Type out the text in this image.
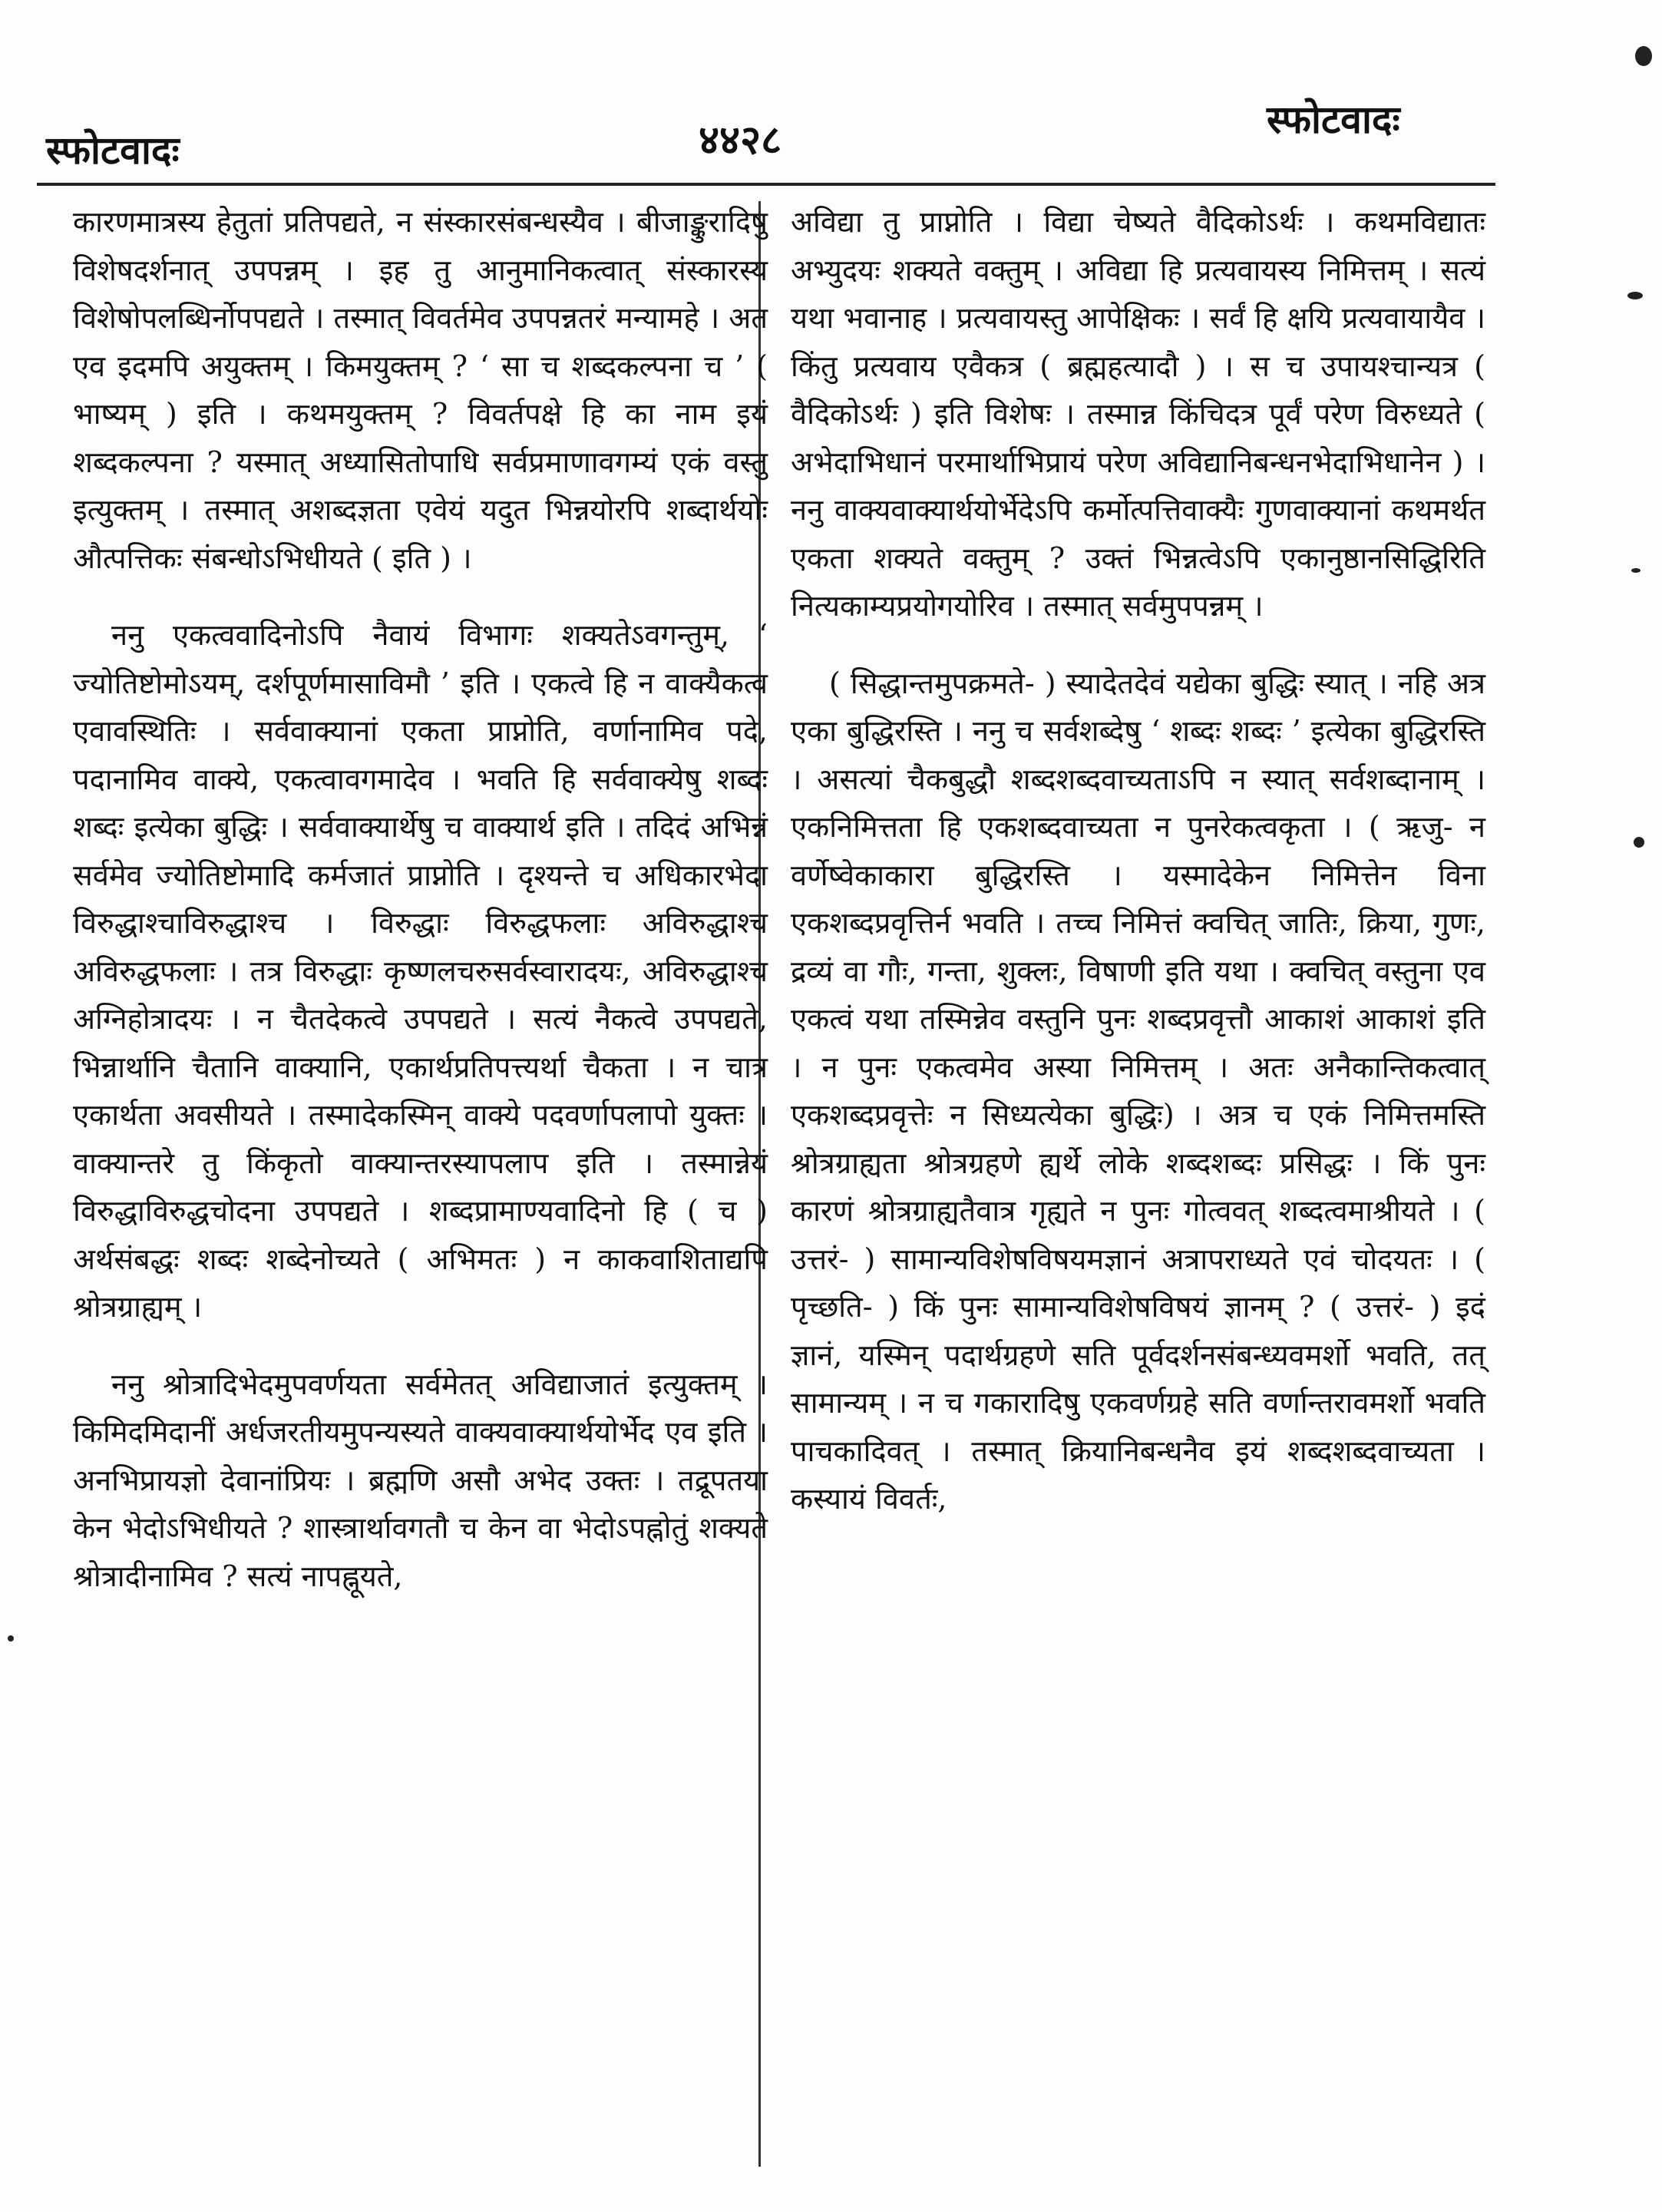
स्फोटवादः	४४२८	स्फोटवादः

कारणमात्रस्य हेतुतां प्रतिपद्यते, न संस्कारसंबन्धस्यैव । बीजाङ्कुरादिषु विशेषदर्शनात् उपपन्नम् । इह तु आनुमानिकत्वात् संस्कारस्य विशेषोपलब्धिर्नोपपद्यते । तस्मात् विवर्तमेव उपपन्नतरं मन्यामहे । अत एव इदमपि अयुक्तम् । किमयुक्तम् ? ‘ सा च शब्दकल्पना च ’ ( भाष्यम् ) इति । कथमयुक्तम् ? विवर्तपक्षे हि का नाम इयं शब्दकल्पना ? यस्मात् अध्यासितोपाधि सर्वप्रमाणावगम्यं एकं वस्तु इत्युक्तम् । तस्मात् अशब्दज्ञता एवेयं यदुत भिन्नयोरपि शब्दार्थयोः औत्पत्तिकः संबन्धोऽभिधीयते ( इति ) ।

ननु एकत्ववादिनोऽपि नैवायं विभागः शक्यतेऽवगन्तुम्, ‘ ज्योतिष्टोमोऽयम्, दर्शपूर्णमासाविमौ ’ इति । एकत्वे हि न वाक्यैकत्व एवावस्थितिः । सर्ववाक्यानां एकता प्राप्नोति, वर्णानामिव पदे, पदानामिव वाक्ये, एकत्वावगमादेव । भवति हि सर्ववाक्येषु शब्दः शब्दः इत्येका बुद्धिः । सर्ववाक्यार्थेषु च वाक्यार्थ इति । तदिदं अभिन्नं सर्वमेव ज्योतिष्टोमादि कर्मजातं प्राप्नोति । दृश्यन्ते च अधिकारभेदा विरुद्धाश्चाविरुद्धाश्च । विरुद्धाः विरुद्धफलाः अविरुद्धाश्च अविरुद्धफलाः । तत्र विरुद्धाः कृष्णलचरुसर्वस्वारादयः, अविरुद्धाश्च अग्निहोत्रादयः । न चैतदेकत्वे उपपद्यते । सत्यं नैकत्वे उपपद्यते, भिन्नार्थानि चैतानि वाक्यानि, एकार्थप्रतिपत्त्यर्था चैकता । न चात्र एकार्थता अवसीयते । तस्मादेकस्मिन् वाक्ये पदवर्णापलापो युक्तः । वाक्यान्तरे तु किंकृतो वाक्यान्तरस्यापलाप इति । तस्मान्नेयं विरुद्धाविरुद्धचोदना उपपद्यते । शब्दप्रामाण्यवादिनो हि ( च ) अर्थसंबद्धः शब्दः शब्देनोच्यते ( अभिमतः ) न काकवाशिताद्यपि श्रोत्रग्राह्यम् ।

ननु श्रोत्रादिभेदमुपवर्णयता सर्वमेतत् अविद्याजातं इत्युक्तम् । किमिदमिदानीं अर्धजरतीयमुपन्यस्यते वाक्यवाक्यार्थयोर्भेद एव इति । अनभिप्रायज्ञो देवानांप्रियः । ब्रह्मणि असौ अभेद उक्तः । तद्रूपतया केन भेदोऽभिधीयते ? शास्त्रार्थावगतौ च केन वा भेदोऽपह्नोतुं शक्यते श्रोत्रादीनामिव ? सत्यं नापह्नूयते,

अविद्या तु प्राप्नोति । विद्या चेष्यते वैदिकोऽर्थः । कथमविद्यातः अभ्युदयः शक्यते वक्तुम् । अविद्या हि प्रत्यवायस्य निमित्तम् । सत्यं यथा भवानाह । प्रत्यवायस्तु आपेक्षिकः । सर्वं हि क्षयि प्रत्यवायायैव । किंतु प्रत्यवाय एवैकत्र ( ब्रह्महत्यादौ ) । स च उपायश्चान्यत्र ( वैदिकोऽर्थः ) इति विशेषः । तस्मान्न किंचिदत्र पूर्वं परेण विरुध्यते ( अभेदाभिधानं परमार्थाभिप्रायं परेण अविद्यानिबन्धनभेदाभिधानेन ) । ननु वाक्यवाक्यार्थयोर्भेदेऽपि कर्मोत्पत्तिवाक्यैः गुणवाक्यानां कथमर्थत एकता शक्यते वक्तुम् ? उक्तं भिन्नत्वेऽपि एकानुष्ठानसिद्धिरिति नित्यकाम्यप्रयोगयोरिव । तस्मात् सर्वमुपपन्नम् ।

( सिद्धान्तमुपक्रमते- ) स्यादेतदेवं यद्येका बुद्धिः स्यात् । नहि अत्र एका बुद्धिरस्ति । ननु च सर्वशब्देषु ‘ शब्दः शब्दः ’ इत्येका बुद्धिरस्ति । असत्यां चैकबुद्धौ शब्दशब्दवाच्यताऽपि न स्यात् सर्वशब्दानाम् । एकनिमित्तता हि एकशब्दवाच्यता न पुनरेकत्वकृता । ( ऋजु- न वर्णेष्वेकाकारा बुद्धिरस्ति । यस्मादेकेन निमित्तेन विना एकशब्दप्रवृत्तिर्न भवति । तच्च निमित्तं क्वचित् जातिः, क्रिया, गुणः, द्रव्यं वा गौः, गन्ता, शुक्लः, विषाणी इति यथा । क्वचित् वस्तुना एव एकत्वं यथा तस्मिन्नेव वस्तुनि पुनः शब्दप्रवृत्तौ आकाशं आकाशं इति । न पुनः एकत्वमेव अस्या निमित्तम् । अतः अनैकान्तिकत्वात् एकशब्दप्रवृत्तेः न सिध्यत्येका बुद्धिः) । अत्र च एकं निमित्तमस्ति श्रोत्रग्राह्यता श्रोत्रग्रहणे ह्यर्थे लोके शब्दशब्दः प्रसिद्धः । किं पुनः कारणं श्रोत्रग्राह्यतैवात्र गृह्यते न पुनः गोत्ववत् शब्दत्वमाश्रीयते । ( उत्तरं- ) सामान्यविशेषविषयमज्ञानं अत्रापराध्यते एवं चोदयतः । ( पृच्छति- ) किं पुनः सामान्यविशेषविषयं ज्ञानम् ? ( उत्तरं- ) इदं ज्ञानं, यस्मिन् पदार्थग्रहणे सति पूर्वदर्शनसंबन्ध्यवमर्शो भवति, तत् सामान्यम् । न च गकारादिषु एकवर्णग्रहे सति वर्णान्तरावमर्शो भवति पाचकादिवत् । तस्मात् क्रियानिबन्धनैव इयं शब्दशब्दवाच्यता । कस्यायं विवर्तः,
